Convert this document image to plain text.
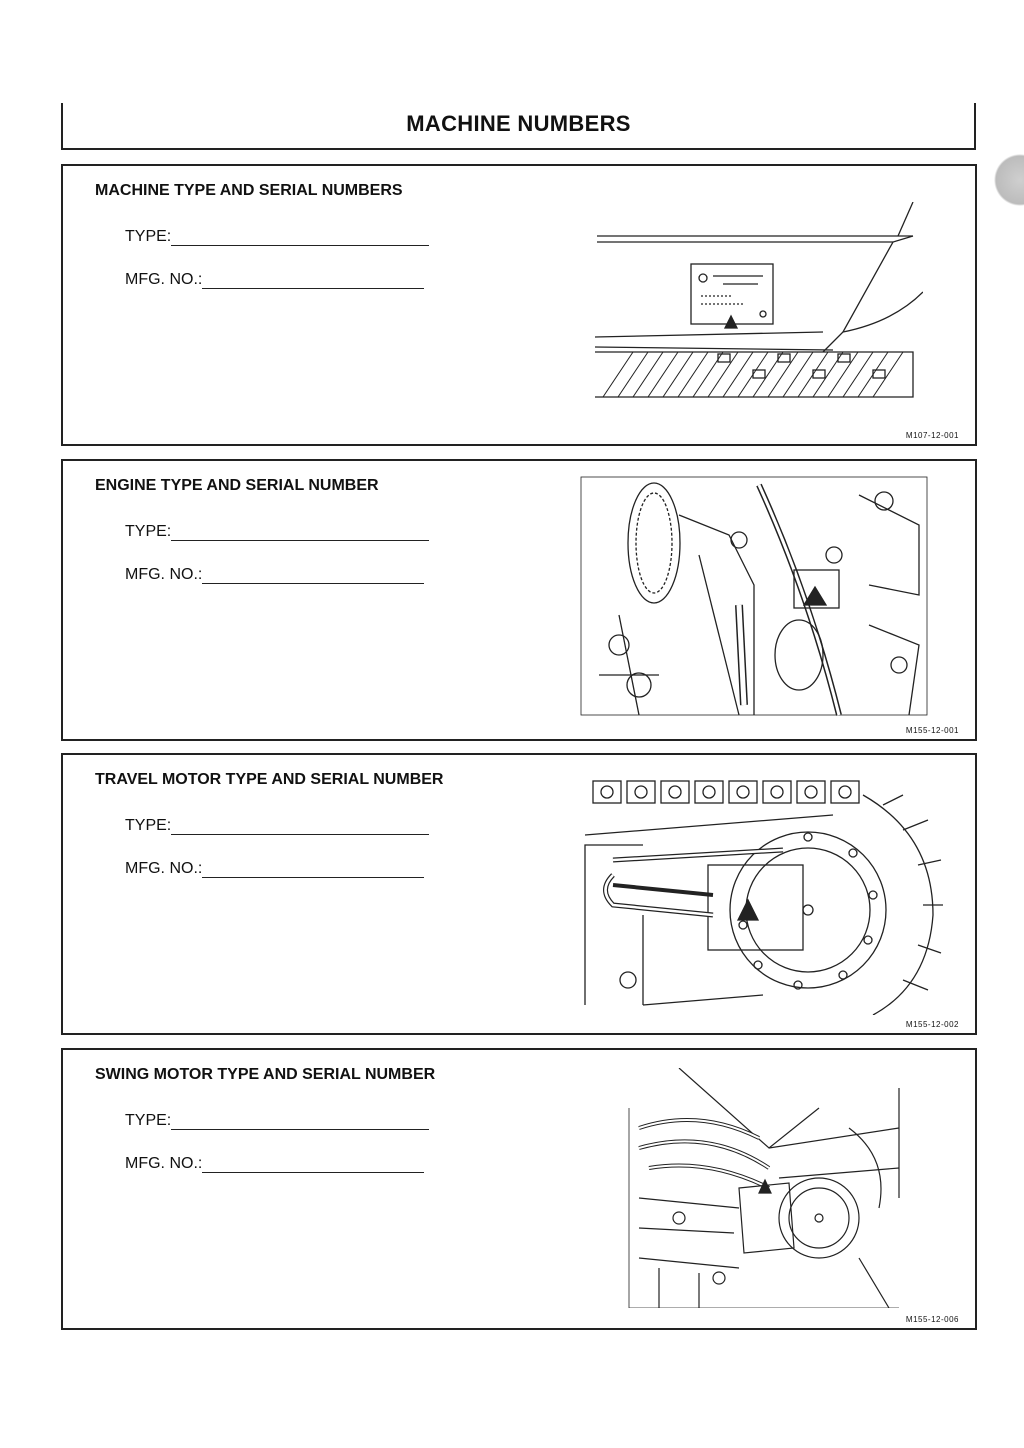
MACHINE NUMBERS
MACHINE TYPE AND SERIAL NUMBERS
TYPE:
MFG. NO.:
M107-12-001
ENGINE TYPE AND SERIAL NUMBER
TYPE:
MFG. NO.:
M155-12-001
TRAVEL MOTOR TYPE AND SERIAL NUMBER
TYPE:
MFG. NO.:
M155-12-002
SWING MOTOR TYPE AND SERIAL NUMBER
TYPE:
MFG. NO.:
M155-12-006
